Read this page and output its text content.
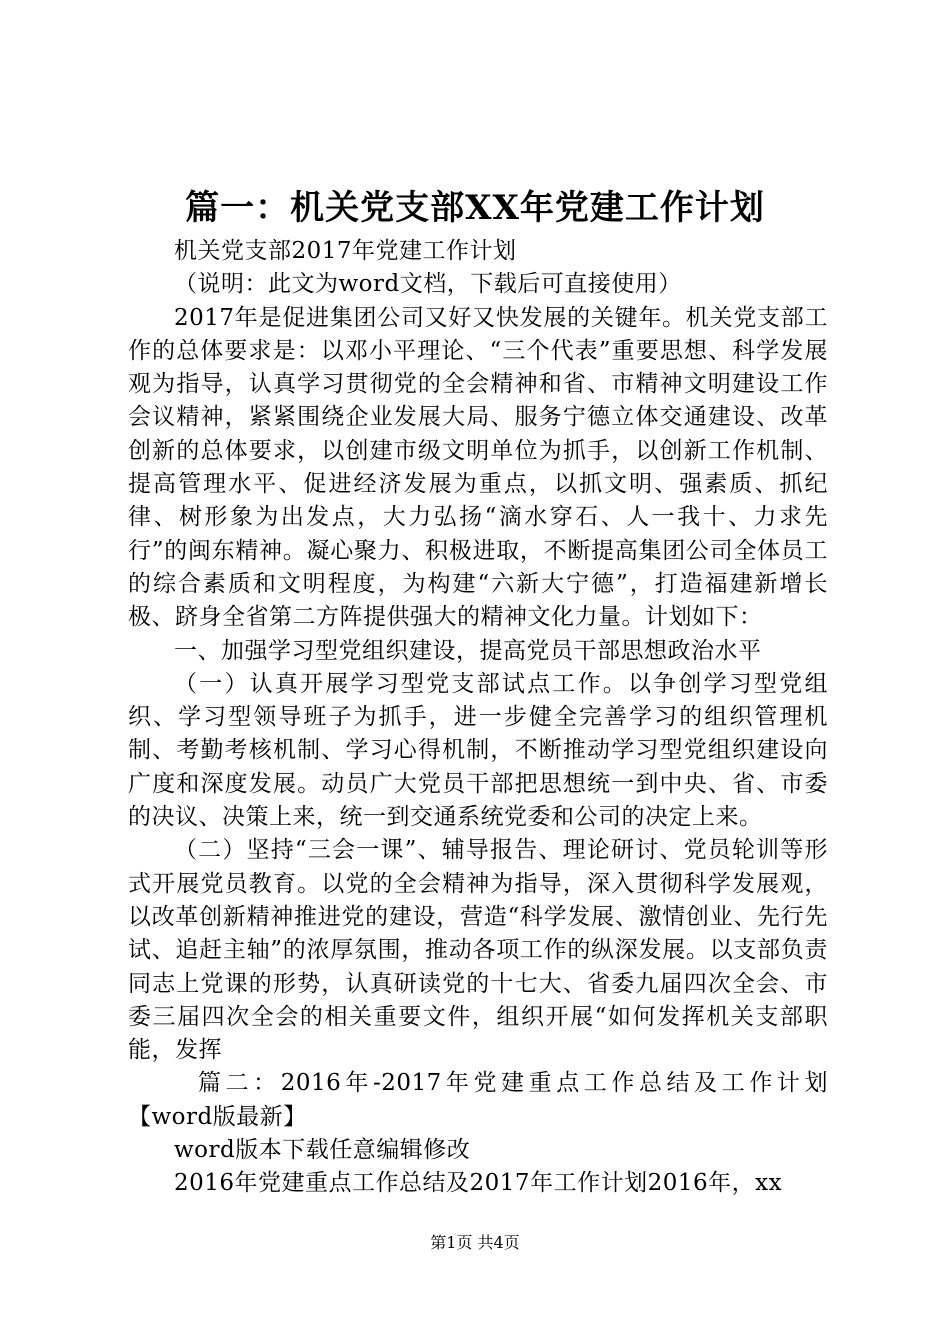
篇一：机关党支部XX年党建工作计划

机关党支部2017年党建工作计划

（说明：此文为word文档，下载后可直接使用）

2017年是促进集团公司又好又快发展的关键年。机关党支部工作的总体要求是：以邓小平理论、“三个代表”重要思想、科学发展观为指导，认真学习贯彻党的全会精神和省、市精神文明建设工作会议精神，紧紧围绕企业发展大局、服务宁德立体交通建设、改革创新的总体要求，以创建市级文明单位为抓手，以创新工作机制、提高管理水平、促进经济发展为重点，以抓文明、强素质、抓纪律、树形象为出发点，大力弘扬“滴水穿石、人一我十、力求先行”的闽东精神。凝心聚力、积极进取，不断提高集团公司全体员工的综合素质和文明程度，为构建“六新大宁德”，打造福建新增长极、跻身全省第二方阵提供强大的精神文化力量。计划如下：

一、加强学习型党组织建设，提高党员干部思想政治水平

（一）认真开展学习型党支部试点工作。以争创学习型党组织、学习型领导班子为抓手，进一步健全完善学习的组织管理机制、考勤考核机制、学习心得机制，不断推动学习型党组织建设向广度和深度发展。动员广大党员干部把思想统一到中央、省、市委的决议、决策上来，统一到交通系统党委和公司的决定上来。

（二）坚持“三会一课”、辅导报告、理论研讨、党员轮训等形式开展党员教育。以党的全会精神为指导，深入贯彻科学发展观，以改革创新精神推进党的建设，营造“科学发展、激情创业、先行先试、追赶主轴”的浓厚氛围，推动各项工作的纵深发展。以支部负责同志上党课的形势，认真研读党的十七大、省委九届四次全会、市委三届四次全会的相关重要文件，组织开展“如何发挥机关支部职能，发挥

篇二：2016年-2017年党建重点工作总结及工作计划【word版最新】

word版本下载任意编辑修改

2016年党建重点工作总结及2017年工作计划2016年，xx

第1页 共4页
